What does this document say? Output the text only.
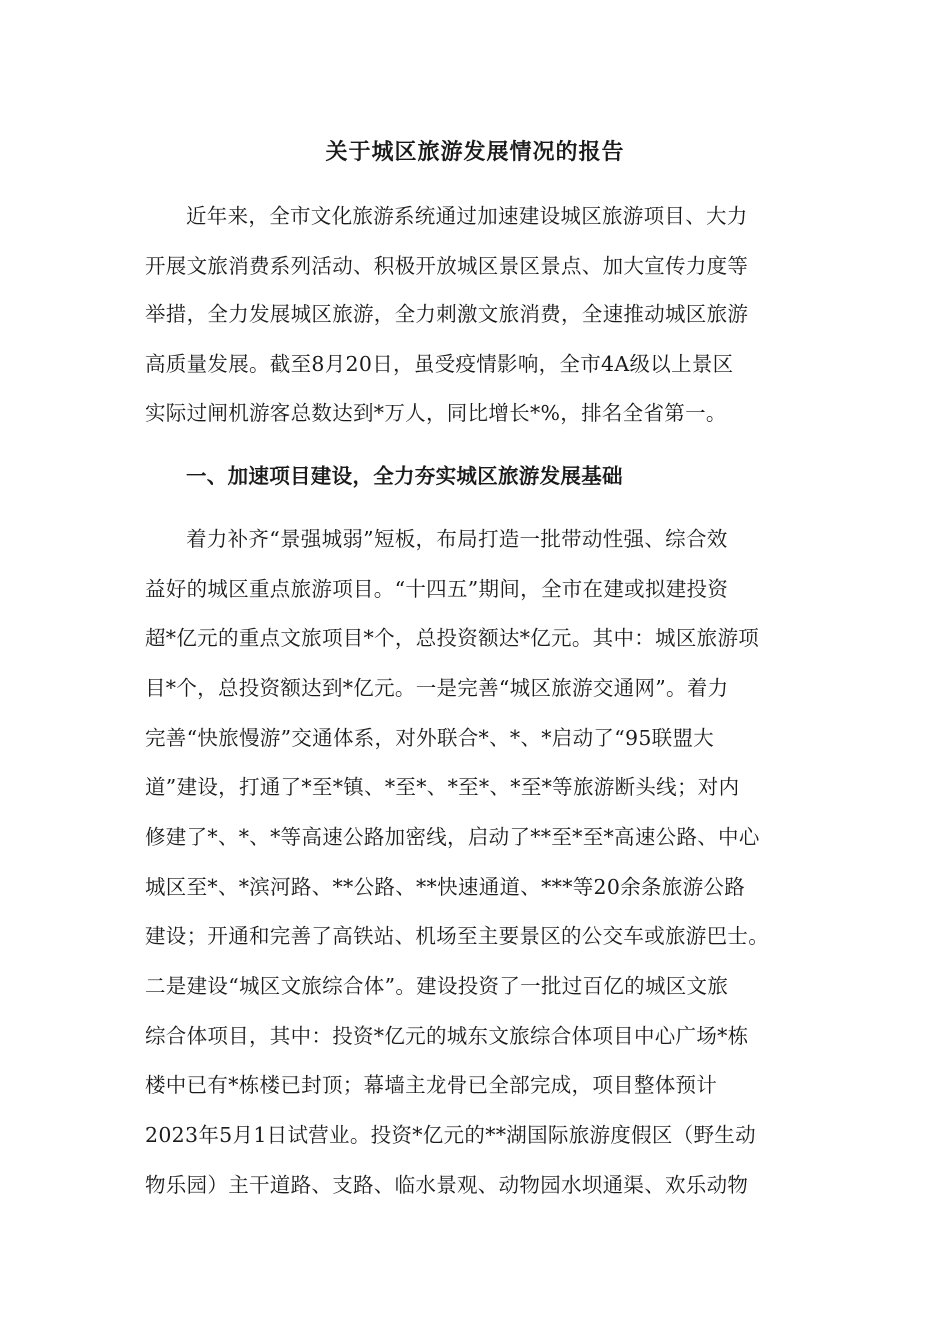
关于城区旅游发展情况的报告
近年来，全市文化旅游系统通过加速建设城区旅游项目、大力
开展文旅消费系列活动、积极开放城区景区景点、加大宣传力度等
举措，全力发展城区旅游，全力刺激文旅消费，全速推动城区旅游
高质量发展。截至8月20日，虽受疫情影响，全市4A级以上景区
实际过闸机游客总数达到*万人，同比增长*%，排名全省第一。
一、加速项目建设，全力夯实城区旅游发展基础
着力补齐“景强城弱”短板，布局打造一批带动性强、综合效
益好的城区重点旅游项目。“十四五”期间，全市在建或拟建投资
超*亿元的重点文旅项目*个，总投资额达*亿元。其中：城区旅游项
目*个，总投资额达到*亿元。一是完善“城区旅游交通网”。着力
完善“快旅慢游”交通体系，对外联合*、*、*启动了“95联盟大
道”建设，打通了*至*镇、*至*、*至*、*至*等旅游断头线；对内
修建了*、*、*等高速公路加密线，启动了**至*至*高速公路、中心
城区至*、*滨河路、**公路、**快速通道、***等20余条旅游公路
建设；开通和完善了高铁站、机场至主要景区的公交车或旅游巴士。
二是建设“城区文旅综合体”。建设投资了一批过百亿的城区文旅
综合体项目，其中：投资*亿元的城东文旅综合体项目中心广场*栋
楼中已有*栋楼已封顶；幕墙主龙骨已全部完成，项目整体预计
2023年5月1日试营业。投资*亿元的**湖国际旅游度假区（野生动
物乐园）主干道路、支路、临水景观、动物园水坝通渠、欢乐动物
